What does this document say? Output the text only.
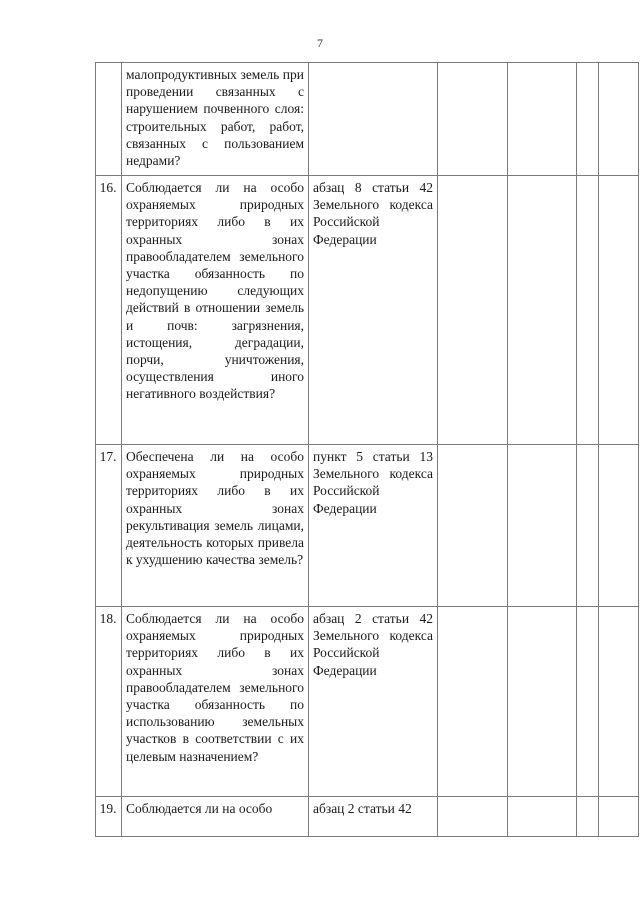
7
	малопродуктивных земель при проведении связанных с нарушением почвенного слоя: строительных работ, работ, связанных с пользованием недрами?					
16.	Соблюдается ли на особо охраняемых природных территориях либо в их охранных зонах правообладателем земельного участка обязанность по недопущению следующих действий в отношении земель и почв: загрязнения, истощения, деградации, порчи, уничтожения, осуществления иного негативного воздействия?	абзац 8 статьи 42 Земельного кодекса Российской Федерации				
17.	Обеспечена ли на особо охраняемых природных территориях либо в их охранных зонах рекультивация земель лицами, деятельность которых привела к ухудшению качества земель?	пункт 5 статьи 13 Земельного кодекса Российской Федерации				
18.	Соблюдается ли на особо охраняемых природных территориях либо в их охранных зонах правообладателем земельного участка обязанность по использованию земельных участков в соответствии с их целевым назначением?	абзац 2 статьи 42 Земельного кодекса Российской Федерации				
19.	Соблюдается ли на особо	абзац 2 статьи 42				
